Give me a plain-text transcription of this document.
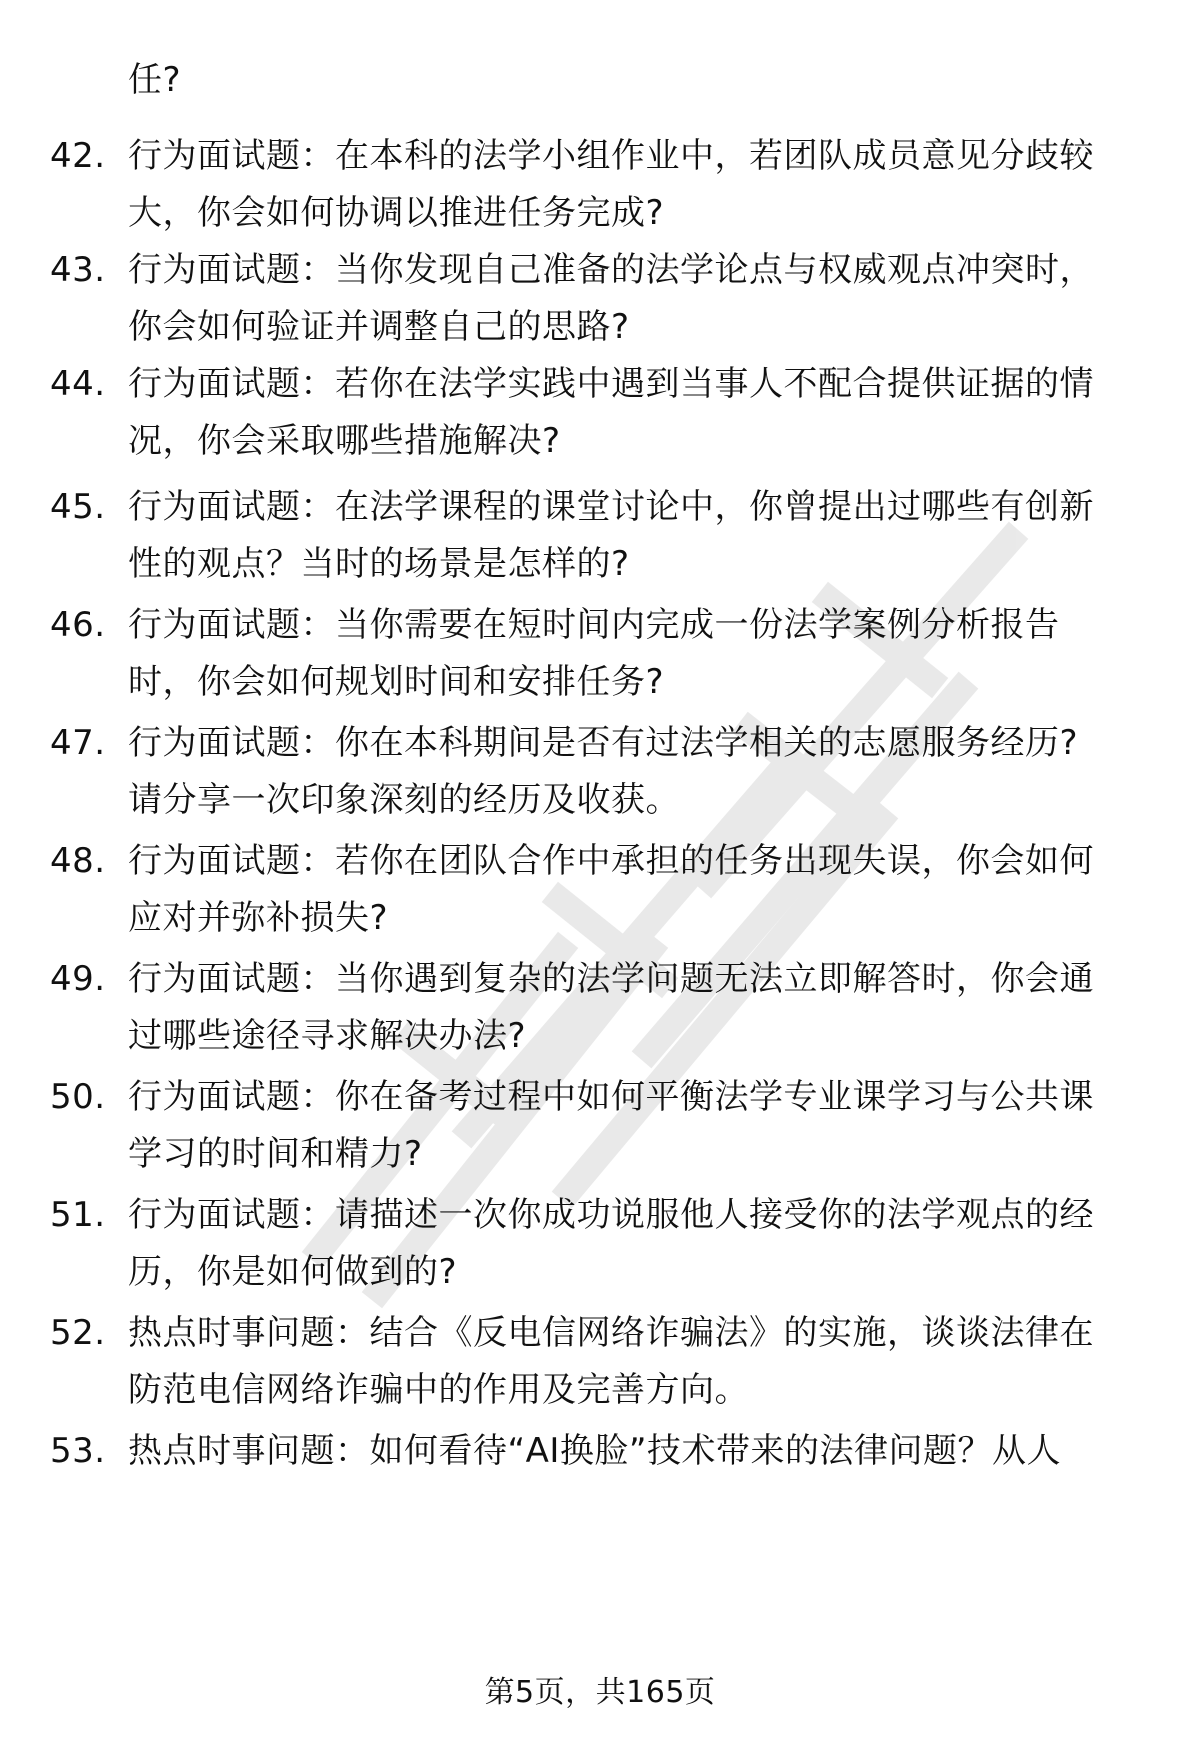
任?
42. 行为面试题：在本科的法学小组作业中，若团队成员意见分歧较
大，你会如何协调以推进任务完成?
43. 行为面试题：当你发现自己准备的法学论点与权威观点冲突时，
你会如何验证并调整自己的思路?
44. 行为面试题：若你在法学实践中遇到当事人不配合提供证据的情
况，你会采取哪些措施解决?
45. 行为面试题：在法学课程的课堂讨论中，你曾提出过哪些有创新
性的观点？当时的场景是怎样的?
46. 行为面试题：当你需要在短时间内完成一份法学案例分析报告
时，你会如何规划时间和安排任务?
47. 行为面试题：你在本科期间是否有过法学相关的志愿服务经历?
请分享一次印象深刻的经历及收获。
48. 行为面试题：若你在团队合作中承担的任务出现失误，你会如何
应对并弥补损失?
49. 行为面试题：当你遇到复杂的法学问题无法立即解答时，你会通
过哪些途径寻求解决办法?
50. 行为面试题：你在备考过程中如何平衡法学专业课学习与公共课
学习的时间和精力?
51. 行为面试题：请描述一次你成功说服他人接受你的法学观点的经
历，你是如何做到的?
52. 热点时事问题：结合《反电信网络诈骗法》的实施，谈谈法律在
防范电信网络诈骗中的作用及完善方向。
53. 热点时事问题：如何看待“AI换脸”技术带来的法律问题？从人
第5页，共165页
